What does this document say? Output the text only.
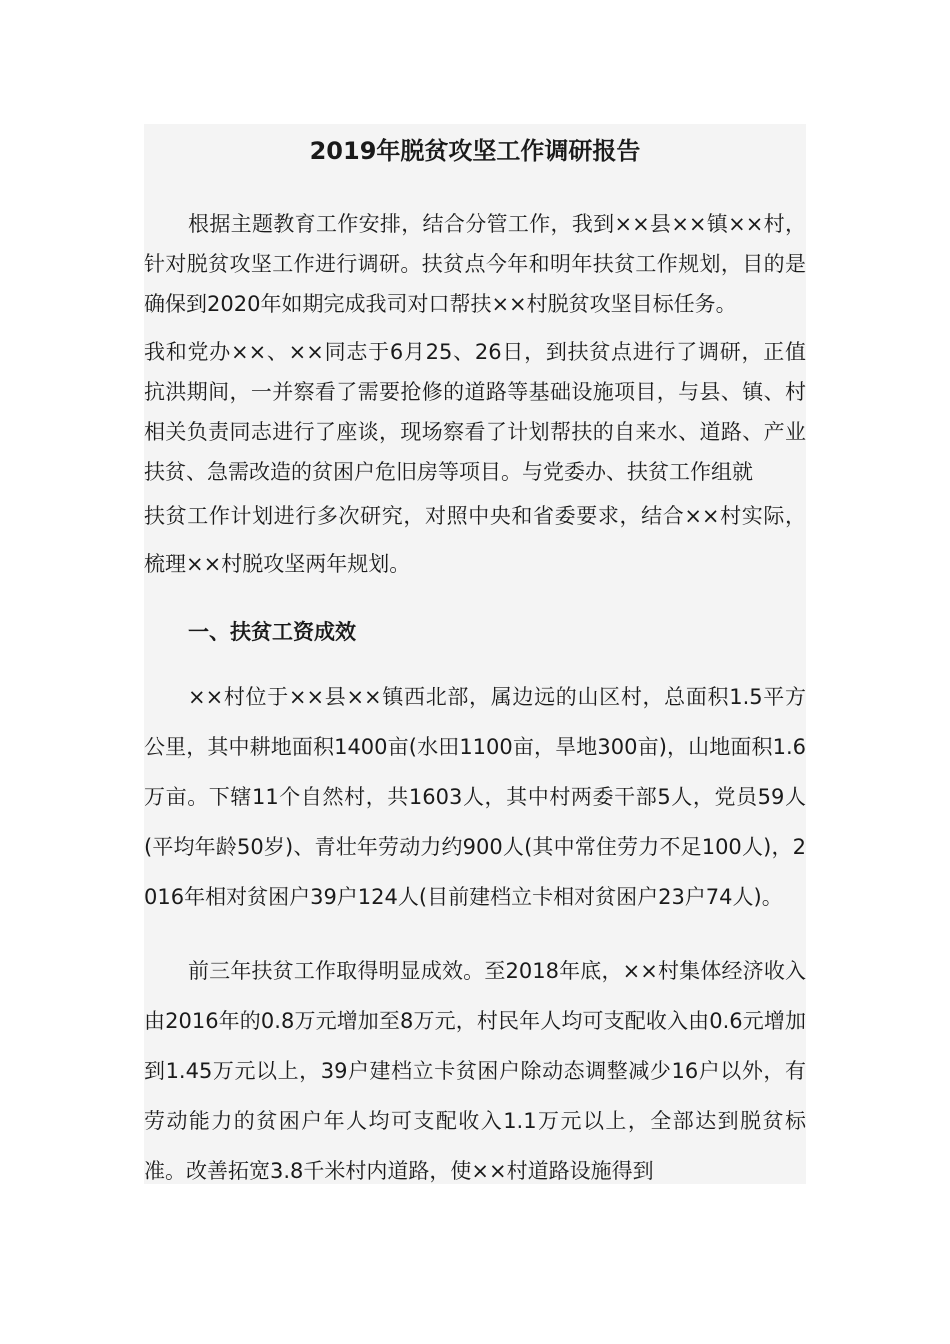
2019年脱贫攻坚工作调研报告

根据主题教育工作安排，结合分管工作，我到××县××镇××村，针对脱贫攻坚工作进行调研。扶贫点今年和明年扶贫工作规划，目的是确保到2020年如期完成我司对口帮扶××村脱贫攻坚目标任务。

我和党办××、××同志于6月25、26日，到扶贫点进行了调研，正值抗洪期间，一并察看了需要抢修的道路等基础设施项目，与县、镇、村相关负责同志进行了座谈，现场察看了计划帮扶的自来水、道路、产业扶贫、急需改造的贫困户危旧房等项目。与党委办、扶贫工作组就

扶贫工作计划进行多次研究，对照中央和省委要求，结合××村实际，梳理××村脱攻坚两年规划。

一、扶贫工资成效

××村位于××县××镇西北部，属边远的山区村，总面积1.5平方公里，其中耕地面积1400亩(水田1100亩，旱地300亩)，山地面积1.6万亩。下辖11个自然村，共1603人，其中村两委干部5人，党员59人(平均年龄50岁)、青壮年劳动力约900人(其中常住劳力不足100人)，2016年相对贫困户39户124人(目前建档立卡相对贫困户23户74人)。

前三年扶贫工作取得明显成效。至2018年底，××村集体经济收入由2016年的0.8万元增加至8万元，村民年人均可支配收入由0.6元增加到1.45万元以上，39户建档立卡贫困户除动态调整减少16户以外，有劳动能力的贫困户年人均可支配收入1.1万元以上，全部达到脱贫标准。改善拓宽3.8千米村内道路，使××村道路设施得到
